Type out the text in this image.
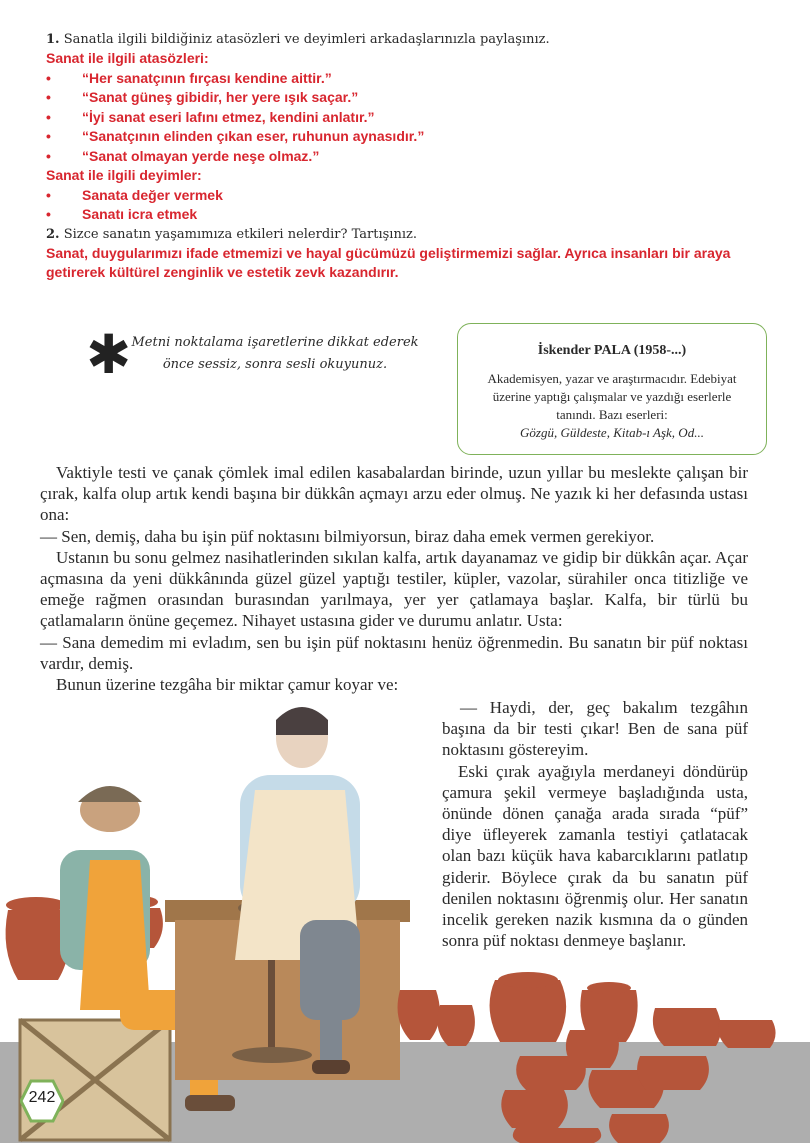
1. Sanatla ilgili bildiğiniz atasözleri ve deyimleri arkadaşlarınızla paylaşınız.

Sanat ile ilgili atasözleri:

• “Her sanatçının fırçası kendine aittir.”

• “Sanat güneş gibidir, her yere ışık saçar.”

• “İyi sanat eseri lafını etmez, kendini anlatır.”

• “Sanatçının elinden çıkan eser, ruhunun aynasıdır.”

• “Sanat olmayan yerde neşe olmaz.”

Sanat ile ilgili deyimler:

• Sanata değer vermek

• Sanatı icra etmek

2. Sizce sanatın yaşamımıza etkileri nelerdir? Tartışınız.

Sanat, duygularımızı ifade etmemizi ve hayal gücümüzü geliştirmemizi sağlar. Ayrıca insanları bir araya getirerek kültürel zenginlik ve estetik zevk kazandırır.

✱ Metni noktalama işaretlerine dikkat ederek
önce sessiz, sonra sesli okuyunuz.
İskender PALA (1958-...)
Akademisyen, yazar ve araştırmacıdır. Edebiyat üzerine yaptığı çalışmalar ve yazdığı eserlerle tanındı. Bazı eserleri:
Gözgü, Güldeste, Kitab-ı Aşk, Od...

Vaktiyle testi ve çanak çömlek imal edilen kasabalardan birinde, uzun yıllar bu meslekte çalışan bir çırak, kalfa olup artık kendi başına bir dükkân açmayı arzu eder olmuş. Ne yazık ki her defasında ustası ona:

— Sen, demiş, daha bu işin püf noktasını bilmiyorsun, biraz daha emek vermen gerekiyor.

Ustanın bu sonu gelmez nasihatlerinden sıkılan kalfa, artık dayanamaz ve gidip bir dükkân açar. Açar açmasına da yeni dükkânında güzel güzel yaptığı testiler, küpler, vazolar, sürahiler onca titizliğe ve emeğe rağmen orasından burasından yarılmaya, yer yer çatlamaya başlar. Kalfa, bir türlü bu çatlamaların önüne geçemez. Nihayet ustasına gider ve durumu anlatır. Usta:

— Sana demedim mi evladım, sen bu işin püf noktasını henüz öğrenmedin. Bu sanatın bir püf noktası vardır, demiş.

Bunun üzerine tezgâha bir miktar çamur koyar ve:

— Haydi, der, geç bakalım tezgâhın başına da bir testi çıkar! Ben de sana püf noktasını göstereyim.

Eski çırak ayağıyla merdaneyi döndürüp çamura şekil vermeye başladığında usta, önünde dönen çanağa arada sırada “püf” diye üfleyerek zamanla testiyi çatlatacak olan bazı küçük hava kabarcıklarını patlatıp giderir. Böylece çırak da bu sanatın püf denilen noktasını öğrenmiş olur. Her sanatın incelik gereken nazik kısmına da o günden sonra püf noktası denmeye başlanır.

242
